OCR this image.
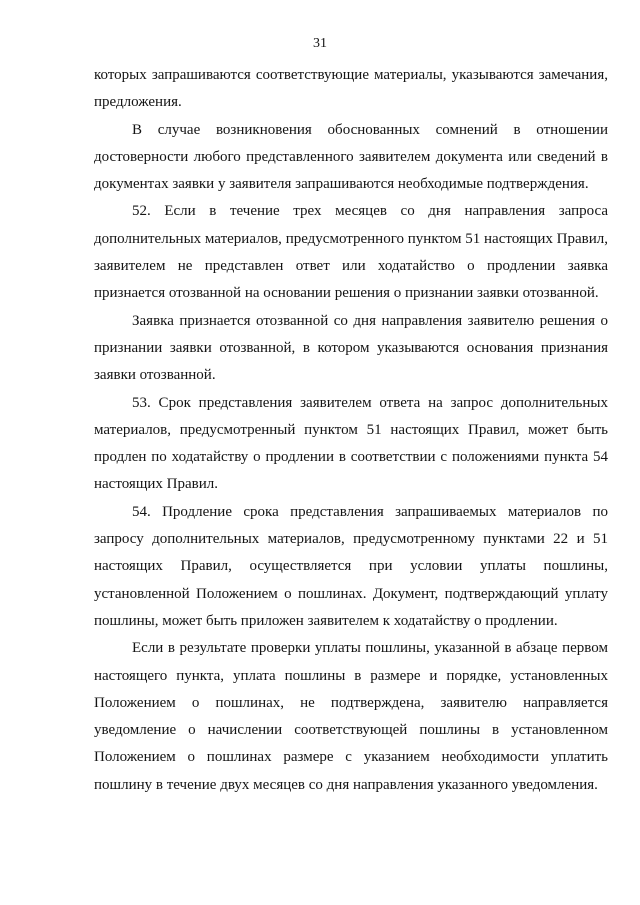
31

которых запрашиваются соответствующие материалы, указываются замечания, предложения.

В случае возникновения обоснованных сомнений в отношении достоверности любого представленного заявителем документа или сведений в документах заявки у заявителя запрашиваются необходимые подтверждения.

52. Если в течение трех месяцев со дня направления запроса дополнительных материалов, предусмотренного пунктом 51 настоящих Правил, заявителем не представлен ответ или ходатайство о продлении заявка признается отозванной на основании решения о признании заявки отозванной.

Заявка признается отозванной со дня направления заявителю решения о признании заявки отозванной, в котором указываются основания признания заявки отозванной.

53. Срок представления заявителем ответа на запрос дополнительных материалов, предусмотренный пунктом 51 настоящих Правил, может быть продлен по ходатайству о продлении в соответствии с положениями пункта 54 настоящих Правил.

54. Продление срока представления запрашиваемых материалов по запросу дополнительных материалов, предусмотренному пунктами 22 и 51 настоящих Правил, осуществляется при условии уплаты пошлины, установленной Положением о пошлинах. Документ, подтверждающий уплату пошлины, может быть приложен заявителем к ходатайству о продлении.

Если в результате проверки уплаты пошлины, указанной в абзаце первом настоящего пункта, уплата пошлины в размере и порядке, установленных Положением о пошлинах, не подтверждена, заявителю направляется уведомление о начислении соответствующей пошлины в установленном Положением о пошлинах размере с указанием необходимости уплатить пошлину в течение двух месяцев со дня направления указанного уведомления.
